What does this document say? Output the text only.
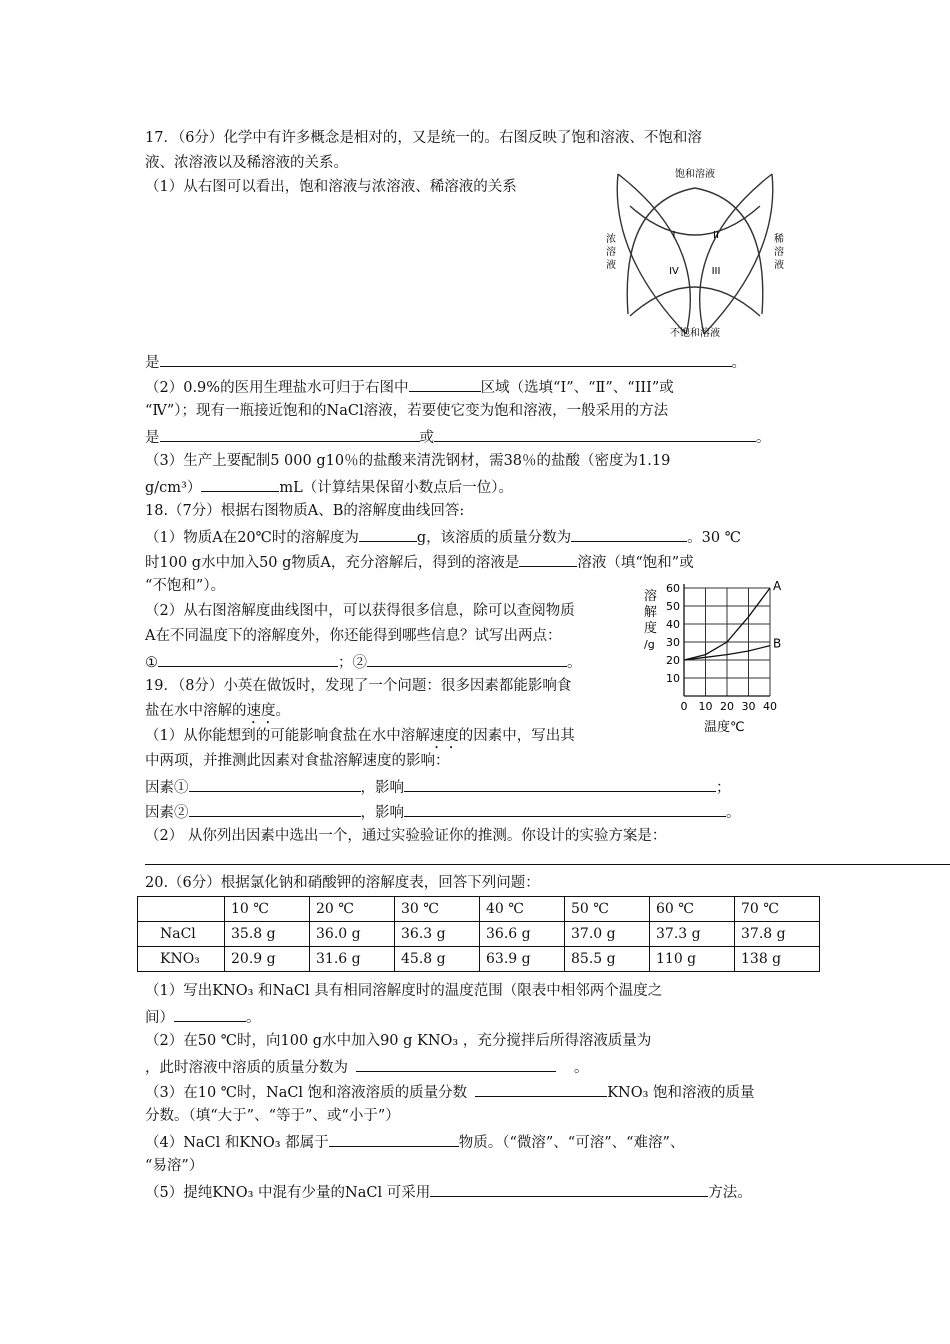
17．（6分）化学中有许多概念是相对的，又是统一的。右图反映了饱和溶液、不饱和溶
液、浓溶液以及稀溶液的关系。
（1）从右图可以看出，饱和溶液与浓溶液、稀溶液的关系
饱和溶液
不饱和溶液
浓
溶
液
稀
溶
液
I	II
III
IV
是	。
（2）0.9%的医用生理盐水可归于右图中	区域（选填“Ⅰ”、“Ⅱ”、“III”或
“Ⅳ”）；现有一瓶接近饱和的NaCl溶液，若要使它变为饱和溶液，一般采用的方法
是	或	。
（3）生产上要配制5 000 g10％的盐酸来清洗钢材，需38％的盐酸（密度为1.19
g/cm³）	mL（计算结果保留小数点后一位）。
18.（7分）根据右图物质A、B的溶解度曲线回答:
（1）物质A在20℃时的溶解度为	g，该溶质的质量分数为	。30 ℃
时100 g水中加入50 g物质A，充分溶解后，得到的溶液是	溶液（填“饱和”或
“不饱和”）。
（2）从右图溶解度曲线图中，可以获得很多信息，除可以查阅物质
A在不同温度下的溶解度外，你还能得到哪些信息？试写出两点：
①	；②	。
10
20
30
40
50
60
0 10 20 30 40
溶
解
度
/g
温度℃
A
B
19．（8分）小英在做饭时，发现了一个问题：很多因素都能影响食
盐在水中溶解的速度。
（1）从你能想到的可能影响食盐在水中溶解速度的因素中，写出其
中两项，并推测此因素对食盐溶解速度的影响：
因素①	，影响	；
因素②	，影响	。
（2） 从你列出因素中选出一个，通过实验验证你的推测。你设计的实验方案是：
20.（6分）根据氯化钠和硝酸钾的溶解度表，回答下列问题：
	10 ℃	20 ℃	30 ℃	40 ℃	50 ℃	60 ℃	70 ℃
NaCl	35.8 g	36.0 g	36.3 g	36.6 g	37.0 g	37.3 g	37.8 g
KNO₃	20.9 g	31.6 g	45.8 g	63.9 g	85.5 g	110 g	138 g
（1）写出KNO₃ 和NaCl 具有相同溶解度时的温度范围（限表中相邻两个温度之
间）	。
（2）在50 ℃时，向100 g水中加入90 g KNO₃ ，充分搅拌后所得溶液质量为
，此时溶液中溶质的质量分数为	。
（3）在10 ℃时，NaCl 饱和溶液溶质的质量分数	KNO₃ 饱和溶液的质量
分数。（填“大于”、“等于”、或“小于”）
（4）NaCl 和KNO₃ 都属于	物质。（“微溶”、“可溶”、“难溶”、
“易溶”）
（5）提纯KNO₃ 中混有少量的NaCl 可采用	方法。
